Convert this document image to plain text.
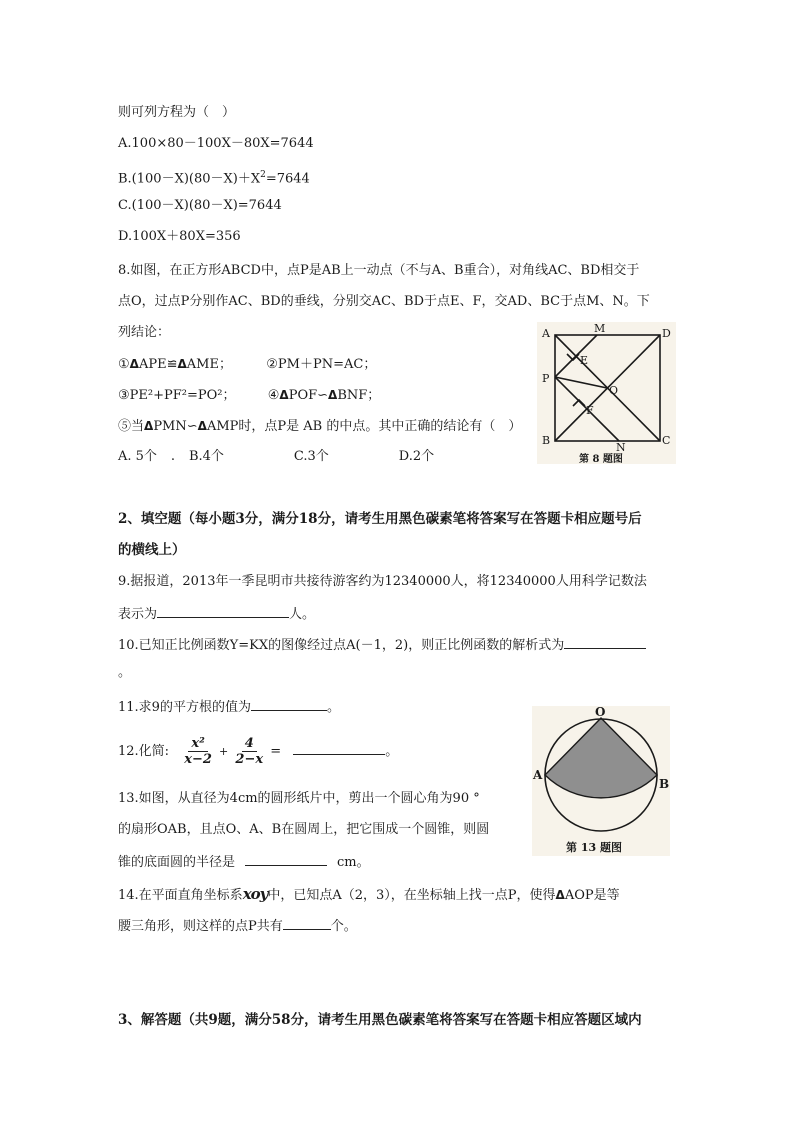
则可列方程为（　）
A.100×80－100X－80X=7644
$B.(100-X)(80-X)+X^2=7644$
C.(100－X)(80－X)=7644
D.100X＋80X=356
8.如图，在正方形ABCD中，点P是AB上一动点（不与A、B重合），对角线AC、BD相交于
点O，过点P分别作AC、BD的垂线，分别交AC、BD于点E、F，交AD、BC于点M、N。下
列结论：
①ΔAPE≌ΔAME；	②PM＋PN=AC；
③PE²+PF²=PO²； ④ΔPOF∽ΔBNF；
⑤当ΔPMN∽ΔAMP时，点P是 AB 的中点。其中正确的结论有（　）
A. 5个 . B.4个	C.3个	D.2个
A	M	D
E
P
O
F
B
N
C
第 8 题图
2、填空题（每小题3分，满分18分，请考生用黑色碳素笔将答案写在答题卡相应题号后
的横线上）
9.据报道，2013年一季昆明市共接待游客约为12340000人，将12340000人用科学记数法
表示为	人。
10.已知正比例函数Y=KX的图像经过点A(－1，2)，则正比例函数的解析式为
。
11.求9的平方根的值为	。
12.化简: $\frac{\text{x²}}{x-2} + \frac{4}{2-x}$ =	。
13.如图，从直径为4cm的圆形纸片中，剪出一个圆心角为90 °
的扇形OAB，且点O、A、B在圆周上，把它围成一个圆锥，则圆
锥的底面圆的半径是	cm。
O
A
B
第 13 题图
14.在平面直角坐标系xoy中，已知点A（2，3），在坐标轴上找一点P，使得ΔAOP是等
腰三角形，则这样的点P共有	个。
3、解答题（共9题，满分58分，请考生用黑色碳素笔将答案写在答题卡相应答题区域内
